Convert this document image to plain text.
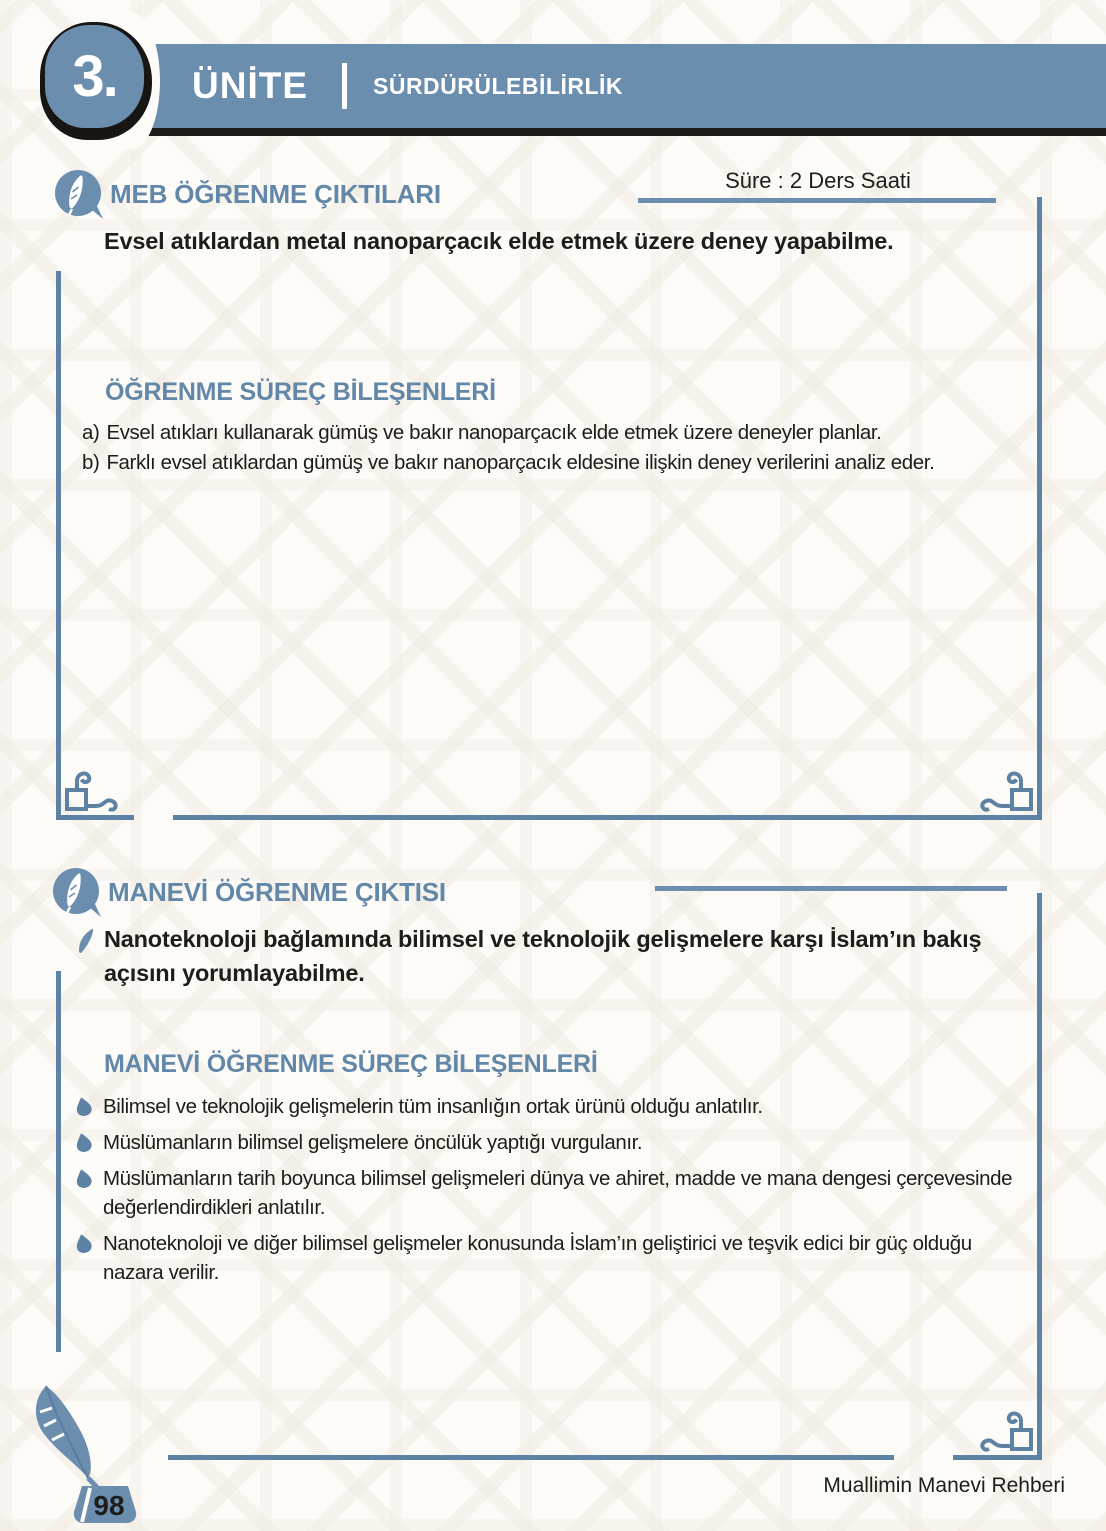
ÜNİTE	SÜRDÜRÜLEBİLİRLİK
3.
MEB ÖĞRENME ÇIKTILARI	Süre : 2 Ders Saati
Evsel atıklardan metal nanoparçacık elde etmek üzere deney yapabilme.
ÖĞRENME SÜREÇ BİLEŞENLERİ
a) Evsel atıkları kullanarak gümüş ve bakır nanoparçacık elde etmek üzere deneyler planlar.
b) Farklı evsel atıklardan gümüş ve bakır nanoparçacık eldesine ilişkin deney verilerini analiz eder.
MANEVİ ÖĞRENME ÇIKTISI
Nanoteknoloji bağlamında bilimsel ve teknolojik gelişmelere karşı İslam’ın bakış açısını yorumlayabilme.
MANEVİ ÖĞRENME SÜREÇ BİLEŞENLERİ
Bilimsel ve teknolojik gelişmelerin tüm insanlığın ortak ürünü olduğu anlatılır.
Müslümanların bilimsel gelişmelere öncülük yaptığı vurgulanır.
Müslümanların tarih boyunca bilimsel gelişmeleri dünya ve ahiret, madde ve mana dengesi çerçevesinde değerlendirdikleri anlatılır.
Nanoteknoloji ve diğer bilimsel gelişmeler konusunda İslam’ın geliştirici ve teşvik edici bir güç olduğu nazara verilir.
98
Muallimin Manevi Rehberi
